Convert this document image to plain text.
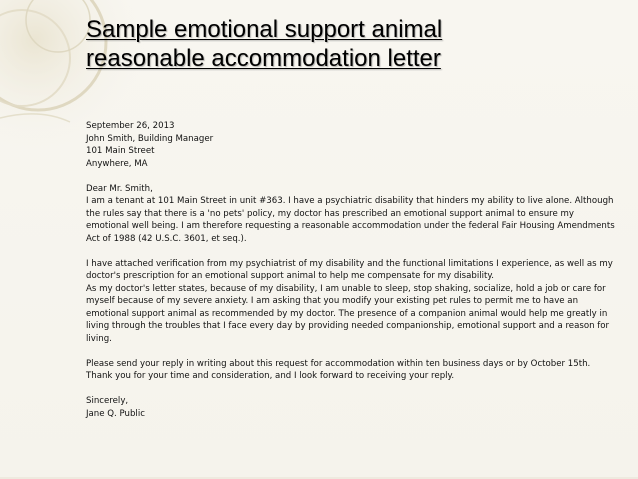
Sample emotional support animal
reasonable accommodation letter
September 26, 2013
John Smith, Building Manager
101 Main Street
Anywhere, MA
Dear Mr. Smith,
I am a tenant at 101 Main Street in unit #363. I have a psychiatric disability that hinders my ability to live alone. Although
the rules say that there is a 'no pets' policy, my doctor has prescribed an emotional support animal to ensure my
emotional well being. I am therefore requesting a reasonable accommodation under the federal Fair Housing Amendments
Act of 1988 (42 U.S.C. 3601, et seq.).
I have attached verification from my psychiatrist of my disability and the functional limitations I experience, as well as my
doctor's prescription for an emotional support animal to help me compensate for my disability.
As my doctor's letter states, because of my disability, I am unable to sleep, stop shaking, socialize, hold a job or care for
myself because of my severe anxiety. I am asking that you modify your existing pet rules to permit me to have an
emotional support animal as recommended by my doctor. The presence of a companion animal would help me greatly in
living through the troubles that I face every day by providing needed companionship, emotional support and a reason for
living.
Please send your reply in writing about this request for accommodation within ten business days or by October 15th.
Thank you for your time and consideration, and I look forward to receiving your reply.
Sincerely,
Jane Q. Public
